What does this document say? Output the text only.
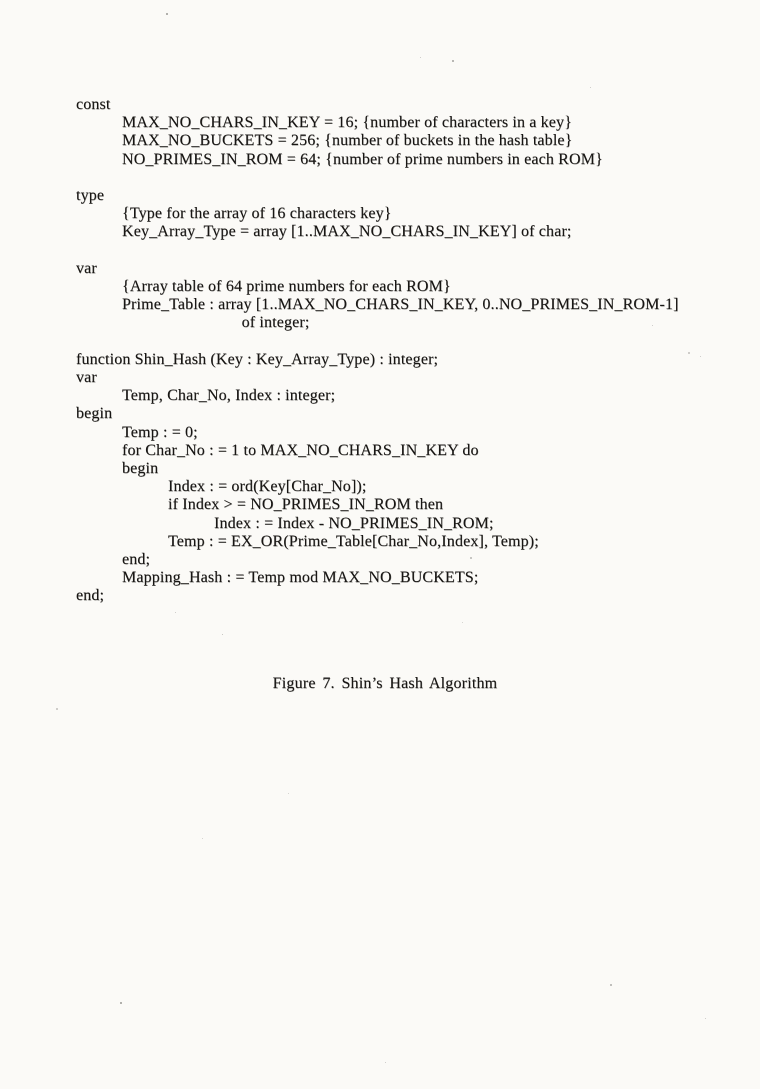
const
MAX_NO_CHARS_IN_KEY = 16; {number of characters in a key}
MAX_NO_BUCKETS = 256; {number of buckets in the hash table}
NO_PRIMES_IN_ROM = 64; {number of prime numbers in each ROM}

type
{Type for the array of 16 characters key}
Key_Array_Type = array [1..MAX_NO_CHARS_IN_KEY] of char;

var
{Array table of 64 prime numbers for each ROM}
Prime_Table : array [1..MAX_NO_CHARS_IN_KEY, 0..NO_PRIMES_IN_ROM-1]
of integer;

function Shin_Hash (Key : Key_Array_Type) : integer;
var
Temp, Char_No, Index : integer;
begin
Temp : = 0;
for Char_No : = 1 to MAX_NO_CHARS_IN_KEY do
begin
Index : = ord(Key[Char_No]);
if Index > = NO_PRIMES_IN_ROM then
Index : = Index - NO_PRIMES_IN_ROM;
Temp : = EX_OR(Prime_Table[Char_No,Index], Temp);
end;
Mapping_Hash : = Temp mod MAX_NO_BUCKETS;
end;
Figure 7. Shin’s Hash Algorithm
